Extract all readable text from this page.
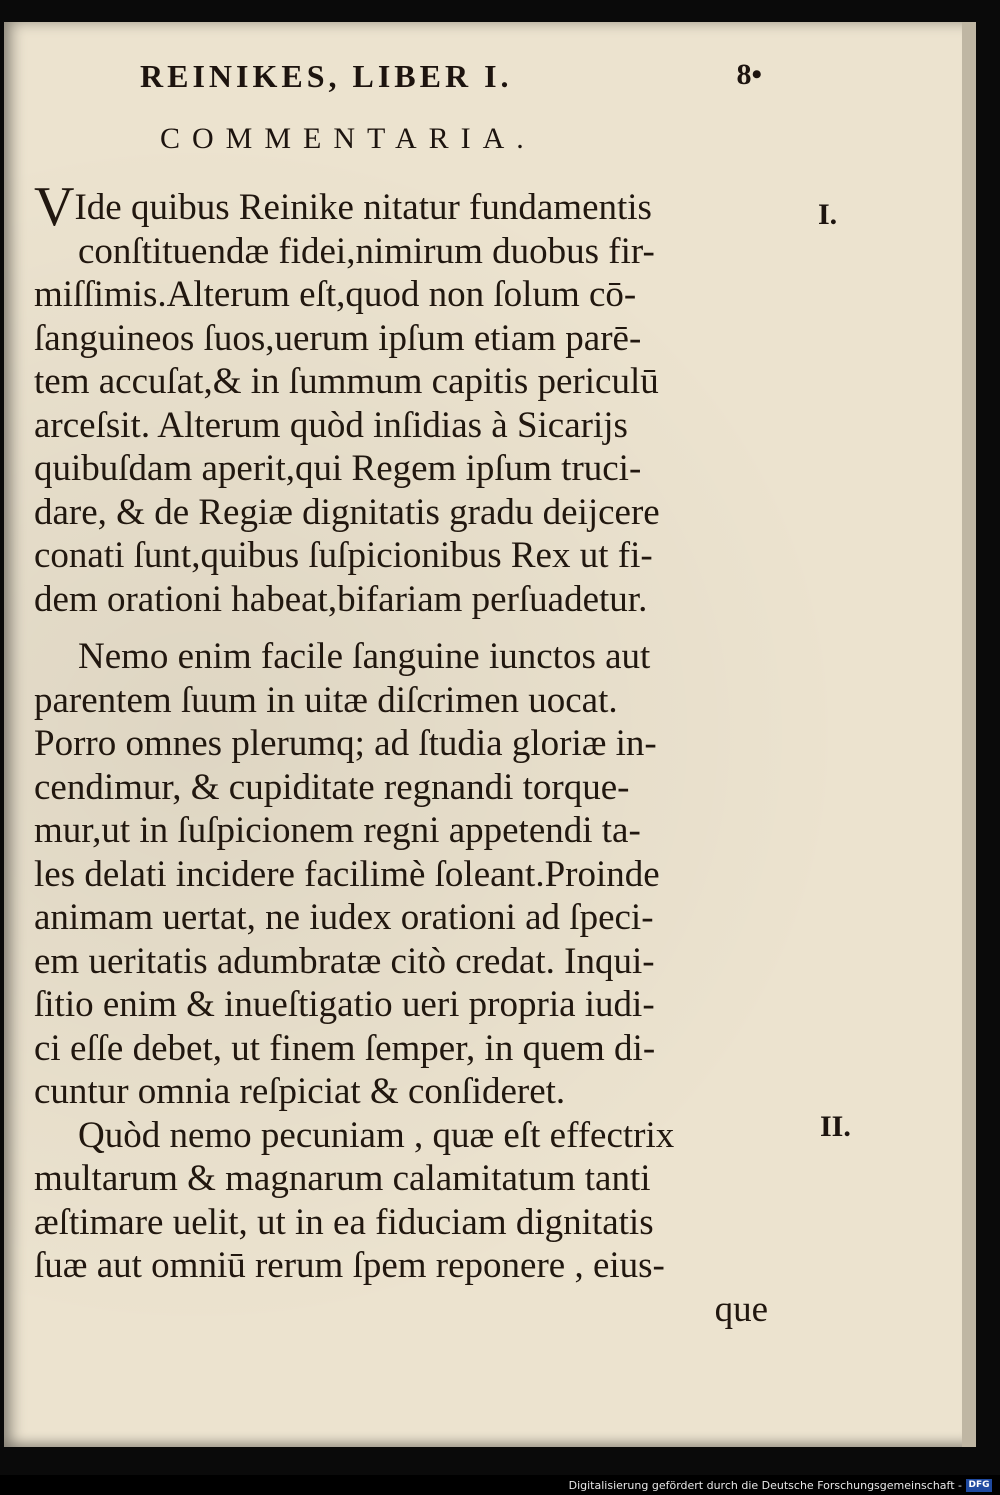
REINIKES, LIBER I.	8•
COMMENTARIA.
I.
II.
VIde quibus Reinike nitatur fundamentis
conſtituendæ fidei,nimirum duobus fir-
miſſimis.Alterum eſt,quod non ſolum cō-
ſanguineos ſuos,uerum ipſum etiam parē-
tem accuſat,& in ſummum capitis periculū
arceſsit. Alterum quòd inſidias à Sicarijs
quibuſdam aperit,qui Regem ipſum truci-
dare, & de Regiæ dignitatis gradu deijcere
conati ſunt,quibus ſuſpicionibus Rex ut fi-
dem orationi habeat,bifariam perſuadetur.
Nemo enim facile ſanguine iunctos aut
parentem ſuum in uitæ diſcrimen uocat.
Porro omnes plerumq; ad ſtudia gloriæ in-
cendimur, & cupiditate regnandi torque-
mur,ut in ſuſpicionem regni appetendi ta-
les delati incidere facilimè ſoleant.Proinde
animam uertat, ne iudex orationi ad ſpeci-
em ueritatis adumbratæ citò credat. Inqui-
ſitio enim & inueſtigatio ueri propria iudi-
ci eſſe debet, ut finem ſemper, in quem di-
cuntur omnia reſpiciat & conſideret.
Quòd nemo pecuniam , quæ eſt effectrix
multarum & magnarum calamitatum tanti
æſtimare uelit, ut in ea fiduciam dignitatis
ſuæ aut omniū rerum ſpem reponere , eius-
que
Digitalisierung gefördert durch die Deutsche Forschungsgemeinschaft - DFG
